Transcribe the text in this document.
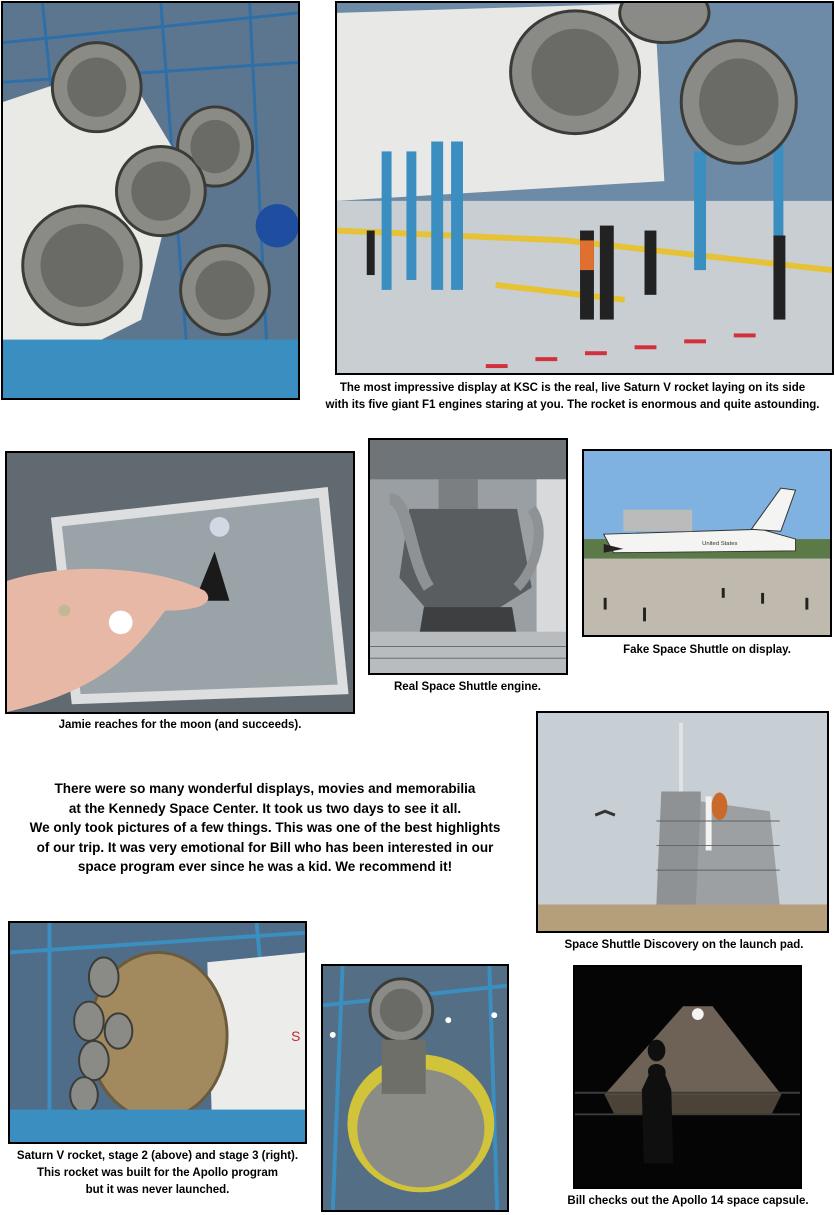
The most impressive display at KSC is the real, live Saturn V rocket laying on its side
with its five giant F1 engines staring at you. The rocket is enormous and quite astounding.
Jamie reaches for the moon (and succeeds).
Real Space Shuttle engine.
United States
Fake Space Shuttle on display.
There were so many wonderful displays, movies and memorabilia
at the Kennedy Space Center. It took us two days to see it all.
We only took pictures of a few things. This was one of the best highlights
of our trip. It was very emotional for Bill who has been interested in our
space program ever since he was a kid. We recommend it!
Space Shuttle Discovery on the launch pad.
S
Saturn V rocket, stage 2 (above) and stage 3 (right).
This rocket was built for the Apollo program
but it was never launched.
Bill checks out the Apollo 14 space capsule.
